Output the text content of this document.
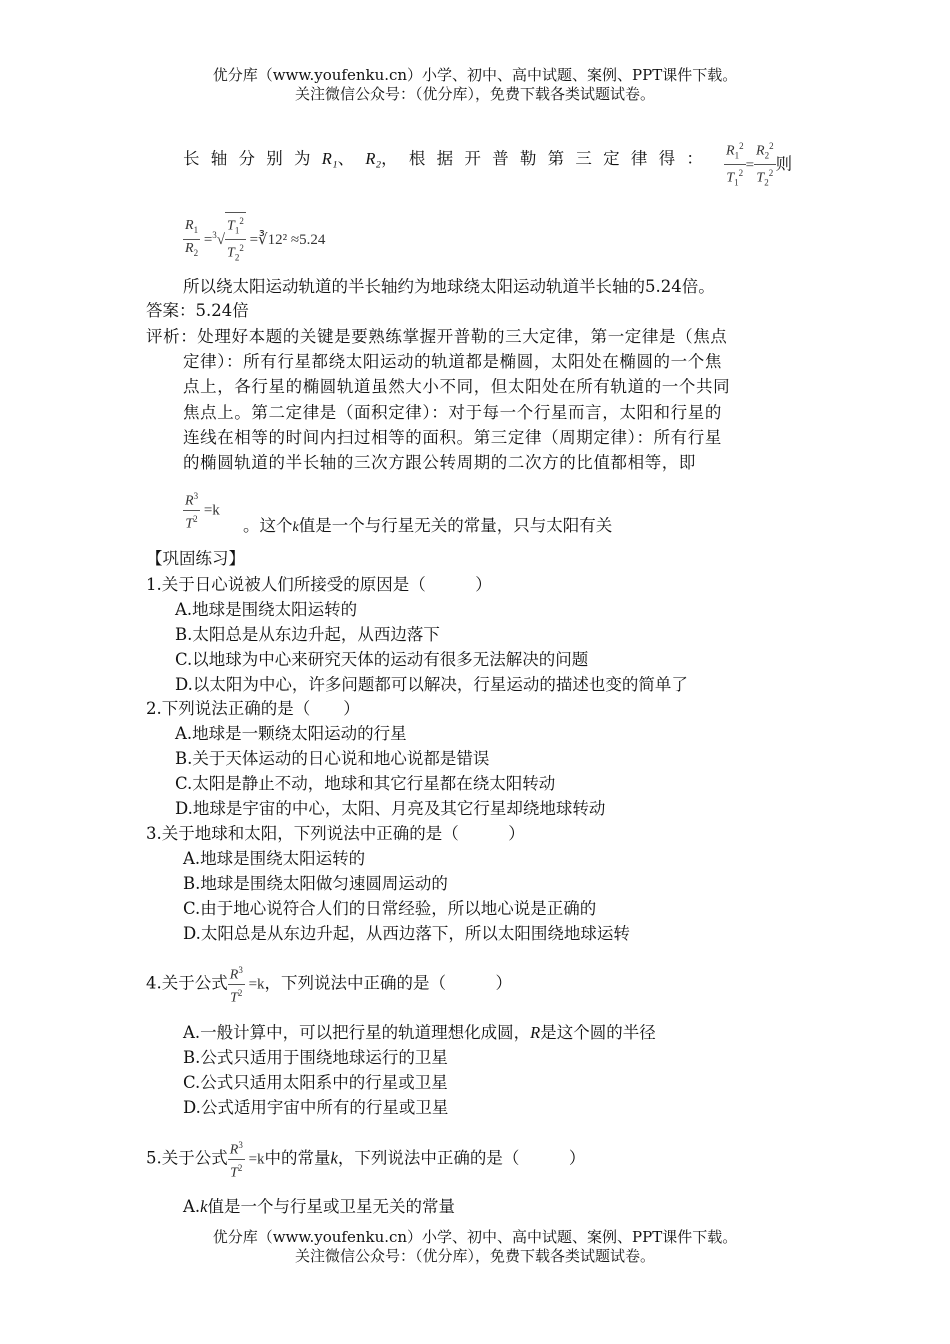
优分库（www.youfenku.cn）小学、初中、高中试题、案例、PPT课件下载。
关注微信公众号：（优分库），免费下载各类试题试卷。
长 轴 分 别 为 R₁、 R₂， 根 据 开 普 勒 第 三 定 律 得 ： $\frac{R_1^2}{T_1^2} = \frac{R_2^2}{T_2^2}$ 则
$\frac{R_1}{R_2} =^3√ \frac{T_1^2}{T_2^2}$ =∛12² ≈5.24
所以绕太阳运动轨道的半长轴约为地球绕太阳运动轨道半长轴的5.24倍。
答案：5.24倍
评析：处理好本题的关键是要熟练掌握开普勒的三大定律，第一定律是（焦点
定律）：所有行星都绕太阳运动的轨道都是椭圆，太阳处在椭圆的一个焦
点上，各行星的椭圆轨道虽然大小不同，但太阳处在所有轨道的一个共同
焦点上。第二定律是（面积定律）：对于每一个行星而言，太阳和行星的
连线在相等的时间内扫过相等的面积。第三定律（周期定律）：所有行星
的椭圆轨道的半长轴的三次方跟公转周期的二次方的比值都相等，即
$\frac{R^3}{T^2} =k$
。这个k值是一个与行星无关的常量，只与太阳有关
【巩固练习】
1.关于日心说被人们所接受的原因是（　　　）
A.地球是围绕太阳运转的
B.太阳总是从东边升起，从西边落下
C.以地球为中心来研究天体的运动有很多无法解决的问题
D.以太阳为中心，许多问题都可以解决，行星运动的描述也变的简单了
2.下列说法正确的是（　　）
A.地球是一颗绕太阳运动的行星
B.关于天体运动的日心说和地心说都是错误
C.太阳是静止不动，地球和其它行星都在绕太阳转动
D.地球是宇宙的中心，太阳、月亮及其它行星却绕地球转动
3.关于地球和太阳，下列说法中正确的是（　　　）
A.地球是围绕太阳运转的
B.地球是围绕太阳做匀速圆周运动的
C.由于地心说符合人们的日常经验，所以地心说是正确的
D.太阳总是从东边升起，从西边落下，所以太阳围绕地球运转
4.关于公式 $\frac{R^3}{T^2} =k$，下列说法中正确的是（　　　）
A.一般计算中，可以把行星的轨道理想化成圆，R是这个圆的半径
B.公式只适用于围绕地球运行的卫星
C.公式只适用太阳系中的行星或卫星
D.公式适用宇宙中所有的行星或卫星
5.关于公式 $\frac{R^3}{T^2} =k$中的常量k，下列说法中正确的是（　　　）
A.k值是一个与行星或卫星无关的常量
优分库（www.youfenku.cn）小学、初中、高中试题、案例、PPT课件下载。
关注微信公众号：（优分库），免费下载各类试题试卷。
